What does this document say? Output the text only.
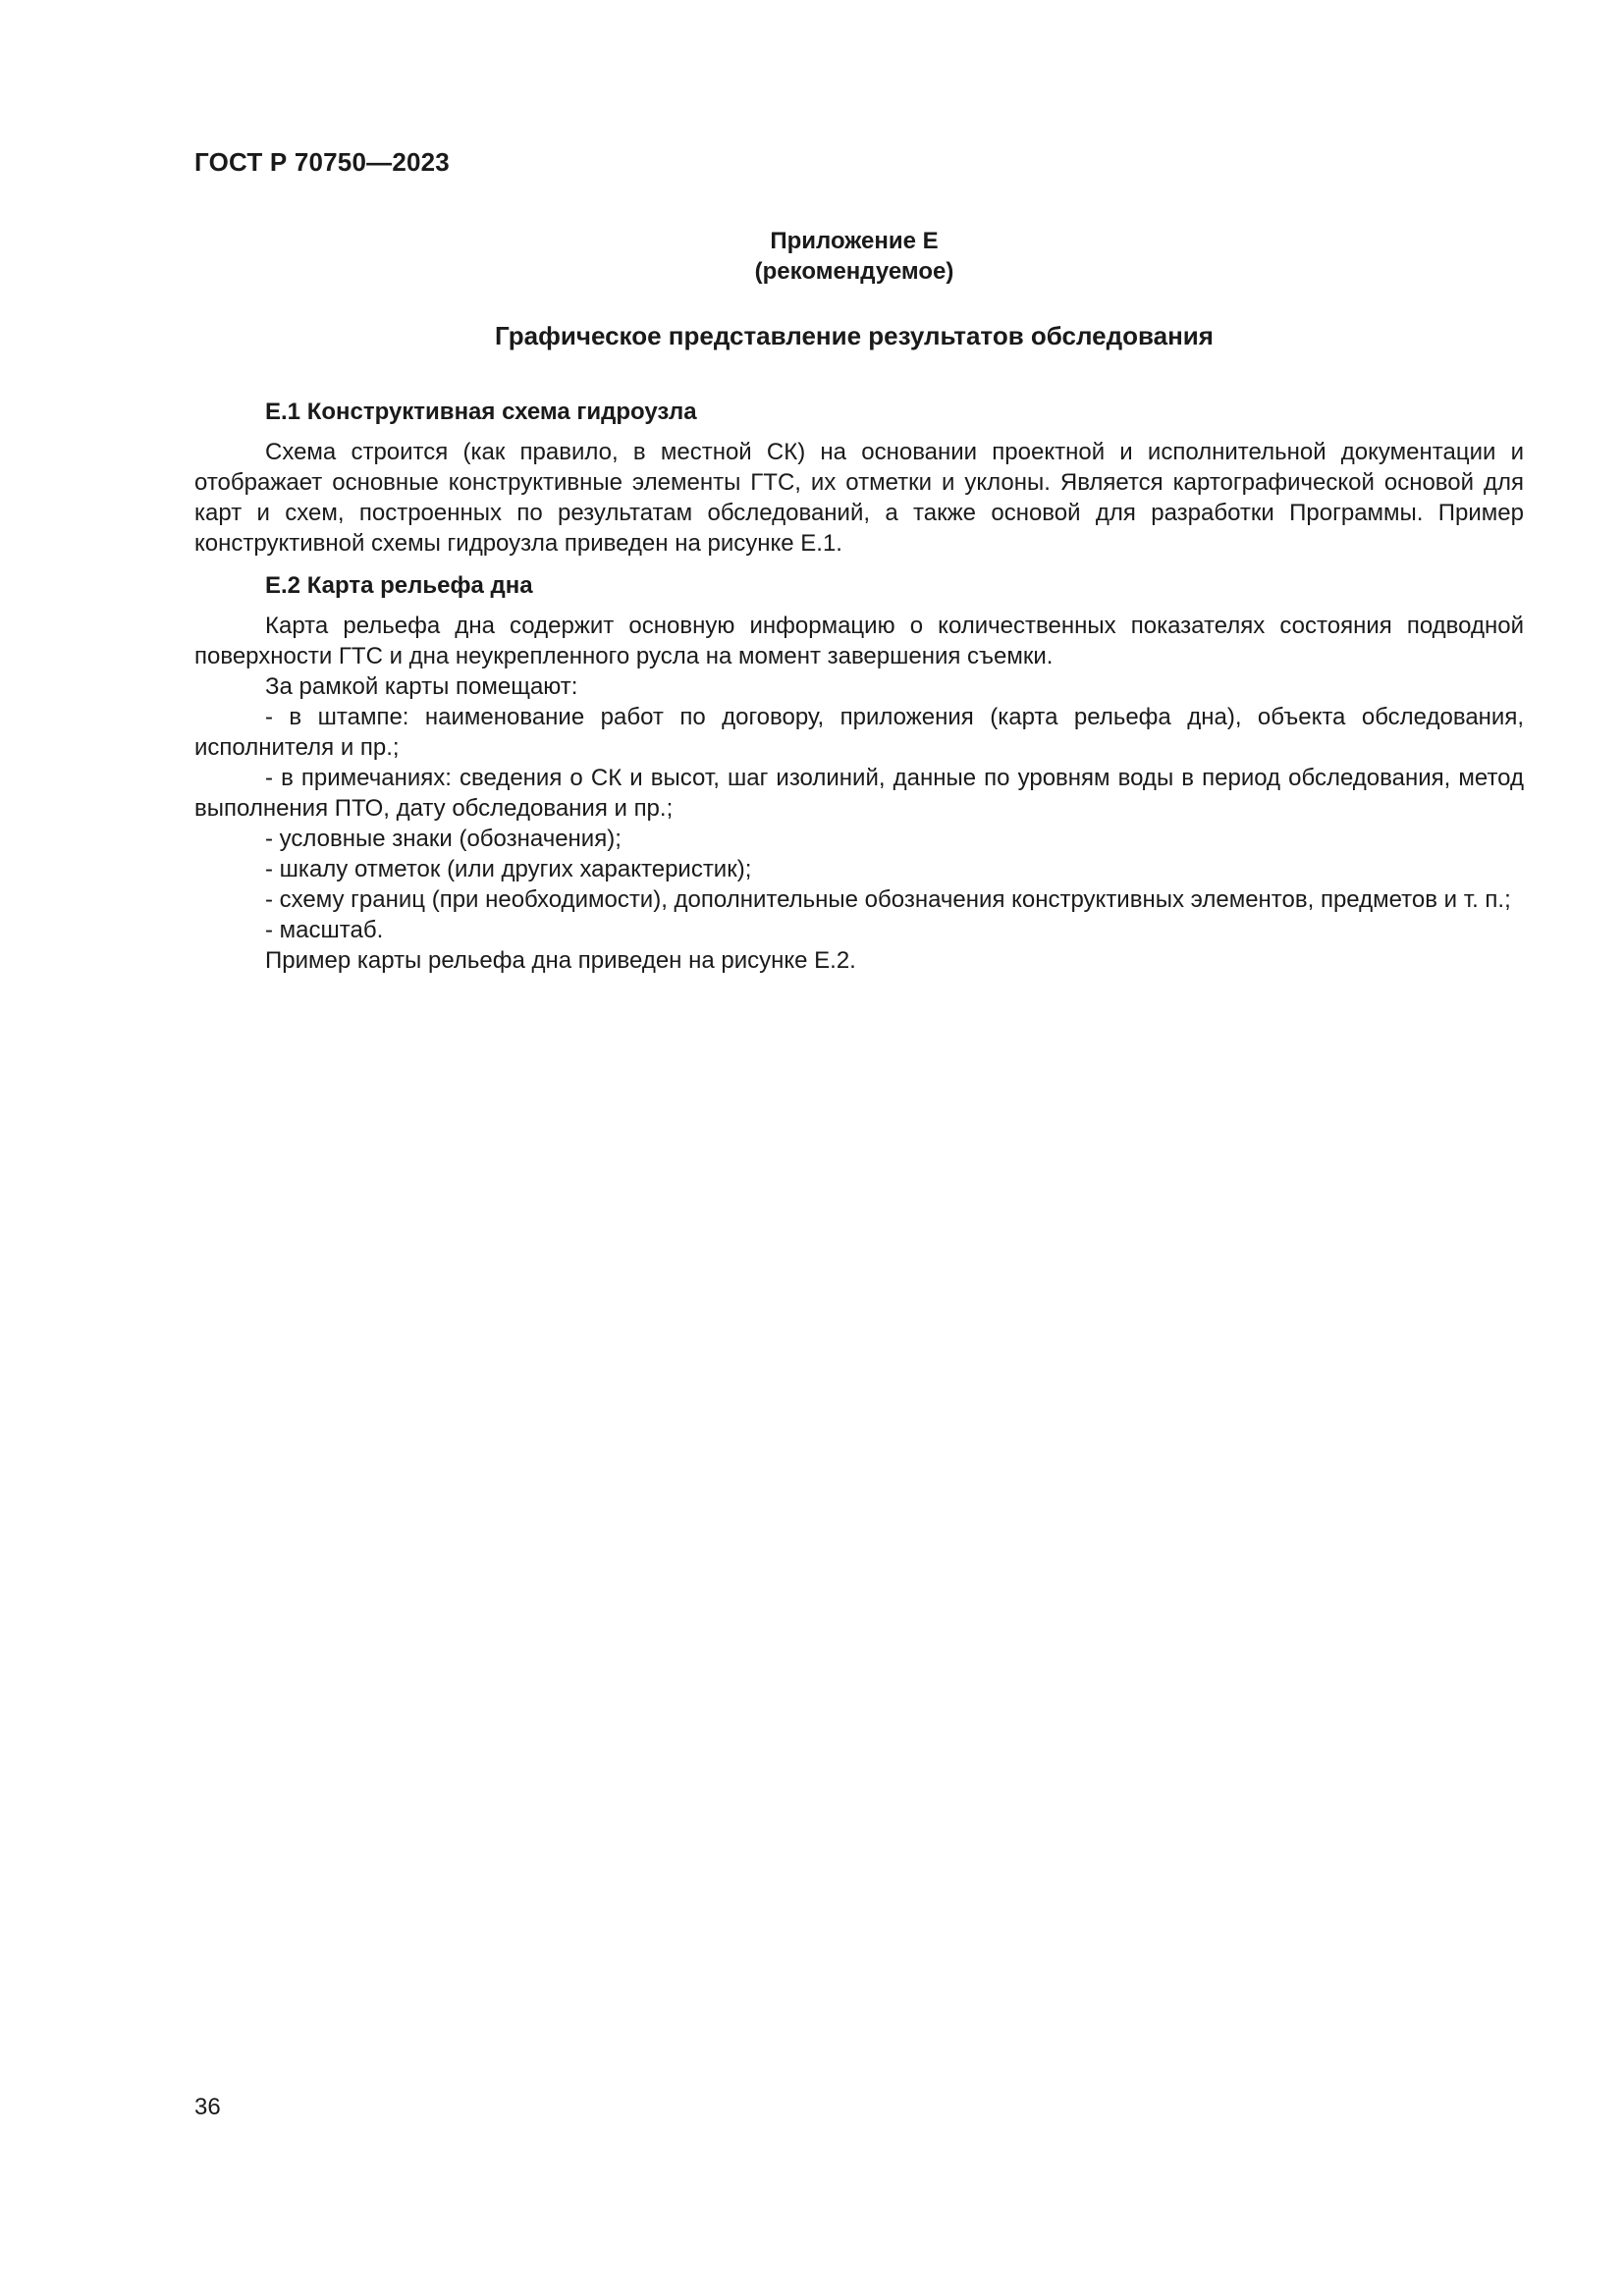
ГОСТ Р 70750—2023
Приложение Е
(рекомендуемое)
Графическое представление результатов обследования

Е.1 Конструктивная схема гидроузла

Схема строится (как правило, в местной СК) на основании проектной и исполнительной документации и отображает основные конструктивные элементы ГТС, их отметки и уклоны. Является картографической основой для карт и схем, построенных по результатам обследований, а также основой для разработки Программы. Пример конструктивной схемы гидроузла приведен на рисунке Е.1.

Е.2 Карта рельефа дна

Карта рельефа дна содержит основную информацию о количественных показателях состояния подводной поверхности ГТС и дна неукрепленного русла на момент завершения съемки.

За рамкой карты помещают:

- в штампе: наименование работ по договору, приложения (карта рельефа дна), объекта обследования, исполнителя и пр.;

- в примечаниях: сведения о СК и высот, шаг изолиний, данные по уровням воды в период обследования, метод выполнения ПТО, дату обследования и пр.;

- условные знаки (обозначения);

- шкалу отметок (или других характеристик);

- схему границ (при необходимости), дополнительные обозначения конструктивных элементов, предметов и т. п.;

- масштаб.

Пример карты рельефа дна приведен на рисунке Е.2.

36
